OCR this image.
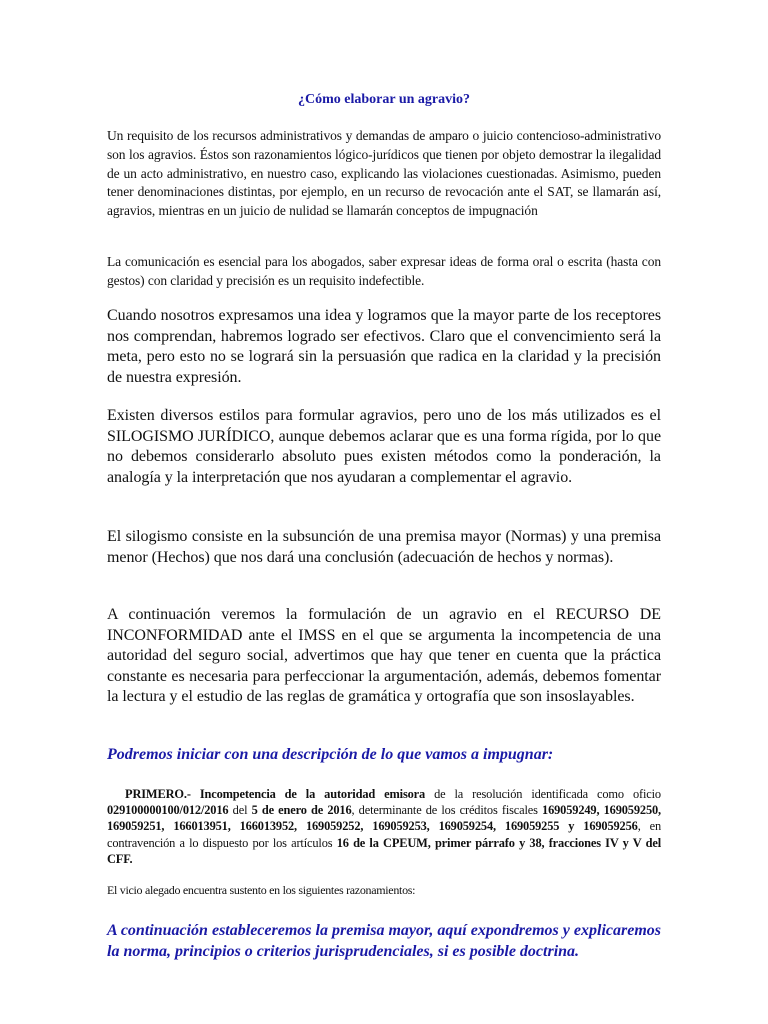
¿Cómo elaborar un agravio?

Un requisito de los recursos administrativos y demandas de amparo o juicio contencioso-administrativo son los agravios. Éstos son razonamientos lógico-jurídicos que tienen por objeto demostrar la ilegalidad de un acto administrativo, en nuestro caso, explicando las violaciones cuestionadas. Asimismo, pueden tener denominaciones distintas, por ejemplo, en un recurso de revocación ante el SAT, se llamarán así, agravios, mientras en un juicio de nulidad se llamarán conceptos de impugnación

La comunicación es esencial para los abogados, saber expresar ideas de forma oral o escrita (hasta con gestos) con claridad y precisión es un requisito indefectible.

Cuando nosotros expresamos una idea y logramos que la mayor parte de los receptores nos comprendan, habremos logrado ser efectivos. Claro que el convencimiento será la meta, pero esto no se logrará sin la persuasión que radica en la claridad y la precisión de nuestra expresión.

Existen diversos estilos para formular agravios, pero uno de los más utilizados es el SILOGISMO JURÍDICO, aunque debemos aclarar que es una forma rígida, por lo que no debemos considerarlo absoluto pues existen métodos como la ponderación, la analogía y la interpretación que nos ayudaran a complementar el agravio.

El silogismo consiste en la subsunción de una premisa mayor (Normas) y una premisa menor (Hechos) que nos dará una conclusión (adecuación de hechos y normas).

A continuación veremos la formulación de un agravio en el RECURSO DE INCONFORMIDAD ante el IMSS en el que se argumenta la incompetencia de una autoridad del seguro social, advertimos que hay que tener en cuenta que la práctica constante es necesaria para perfeccionar la argumentación, además, debemos fomentar la lectura y el estudio de las reglas de gramática y ortografía que son insoslayables.

Podremos iniciar con una descripción de lo que vamos a impugnar:

PRIMERO.- Incompetencia de la autoridad emisora de la resolución identificada como oficio 029100000100/012/2016 del 5 de enero de 2016, determinante de los créditos fiscales 169059249, 169059250, 169059251, 166013951, 166013952, 169059252, 169059253, 169059254, 169059255 y 169059256, en contravención a lo dispuesto por los artículos 16 de la CPEUM, primer párrafo y 38, fracciones IV y V del CFF.

El vicio alegado encuentra sustento en los siguientes razonamientos:

A continuación estableceremos la premisa mayor, aquí expondremos y explicaremos la norma, principios o criterios jurisprudenciales, si es posible doctrina.
